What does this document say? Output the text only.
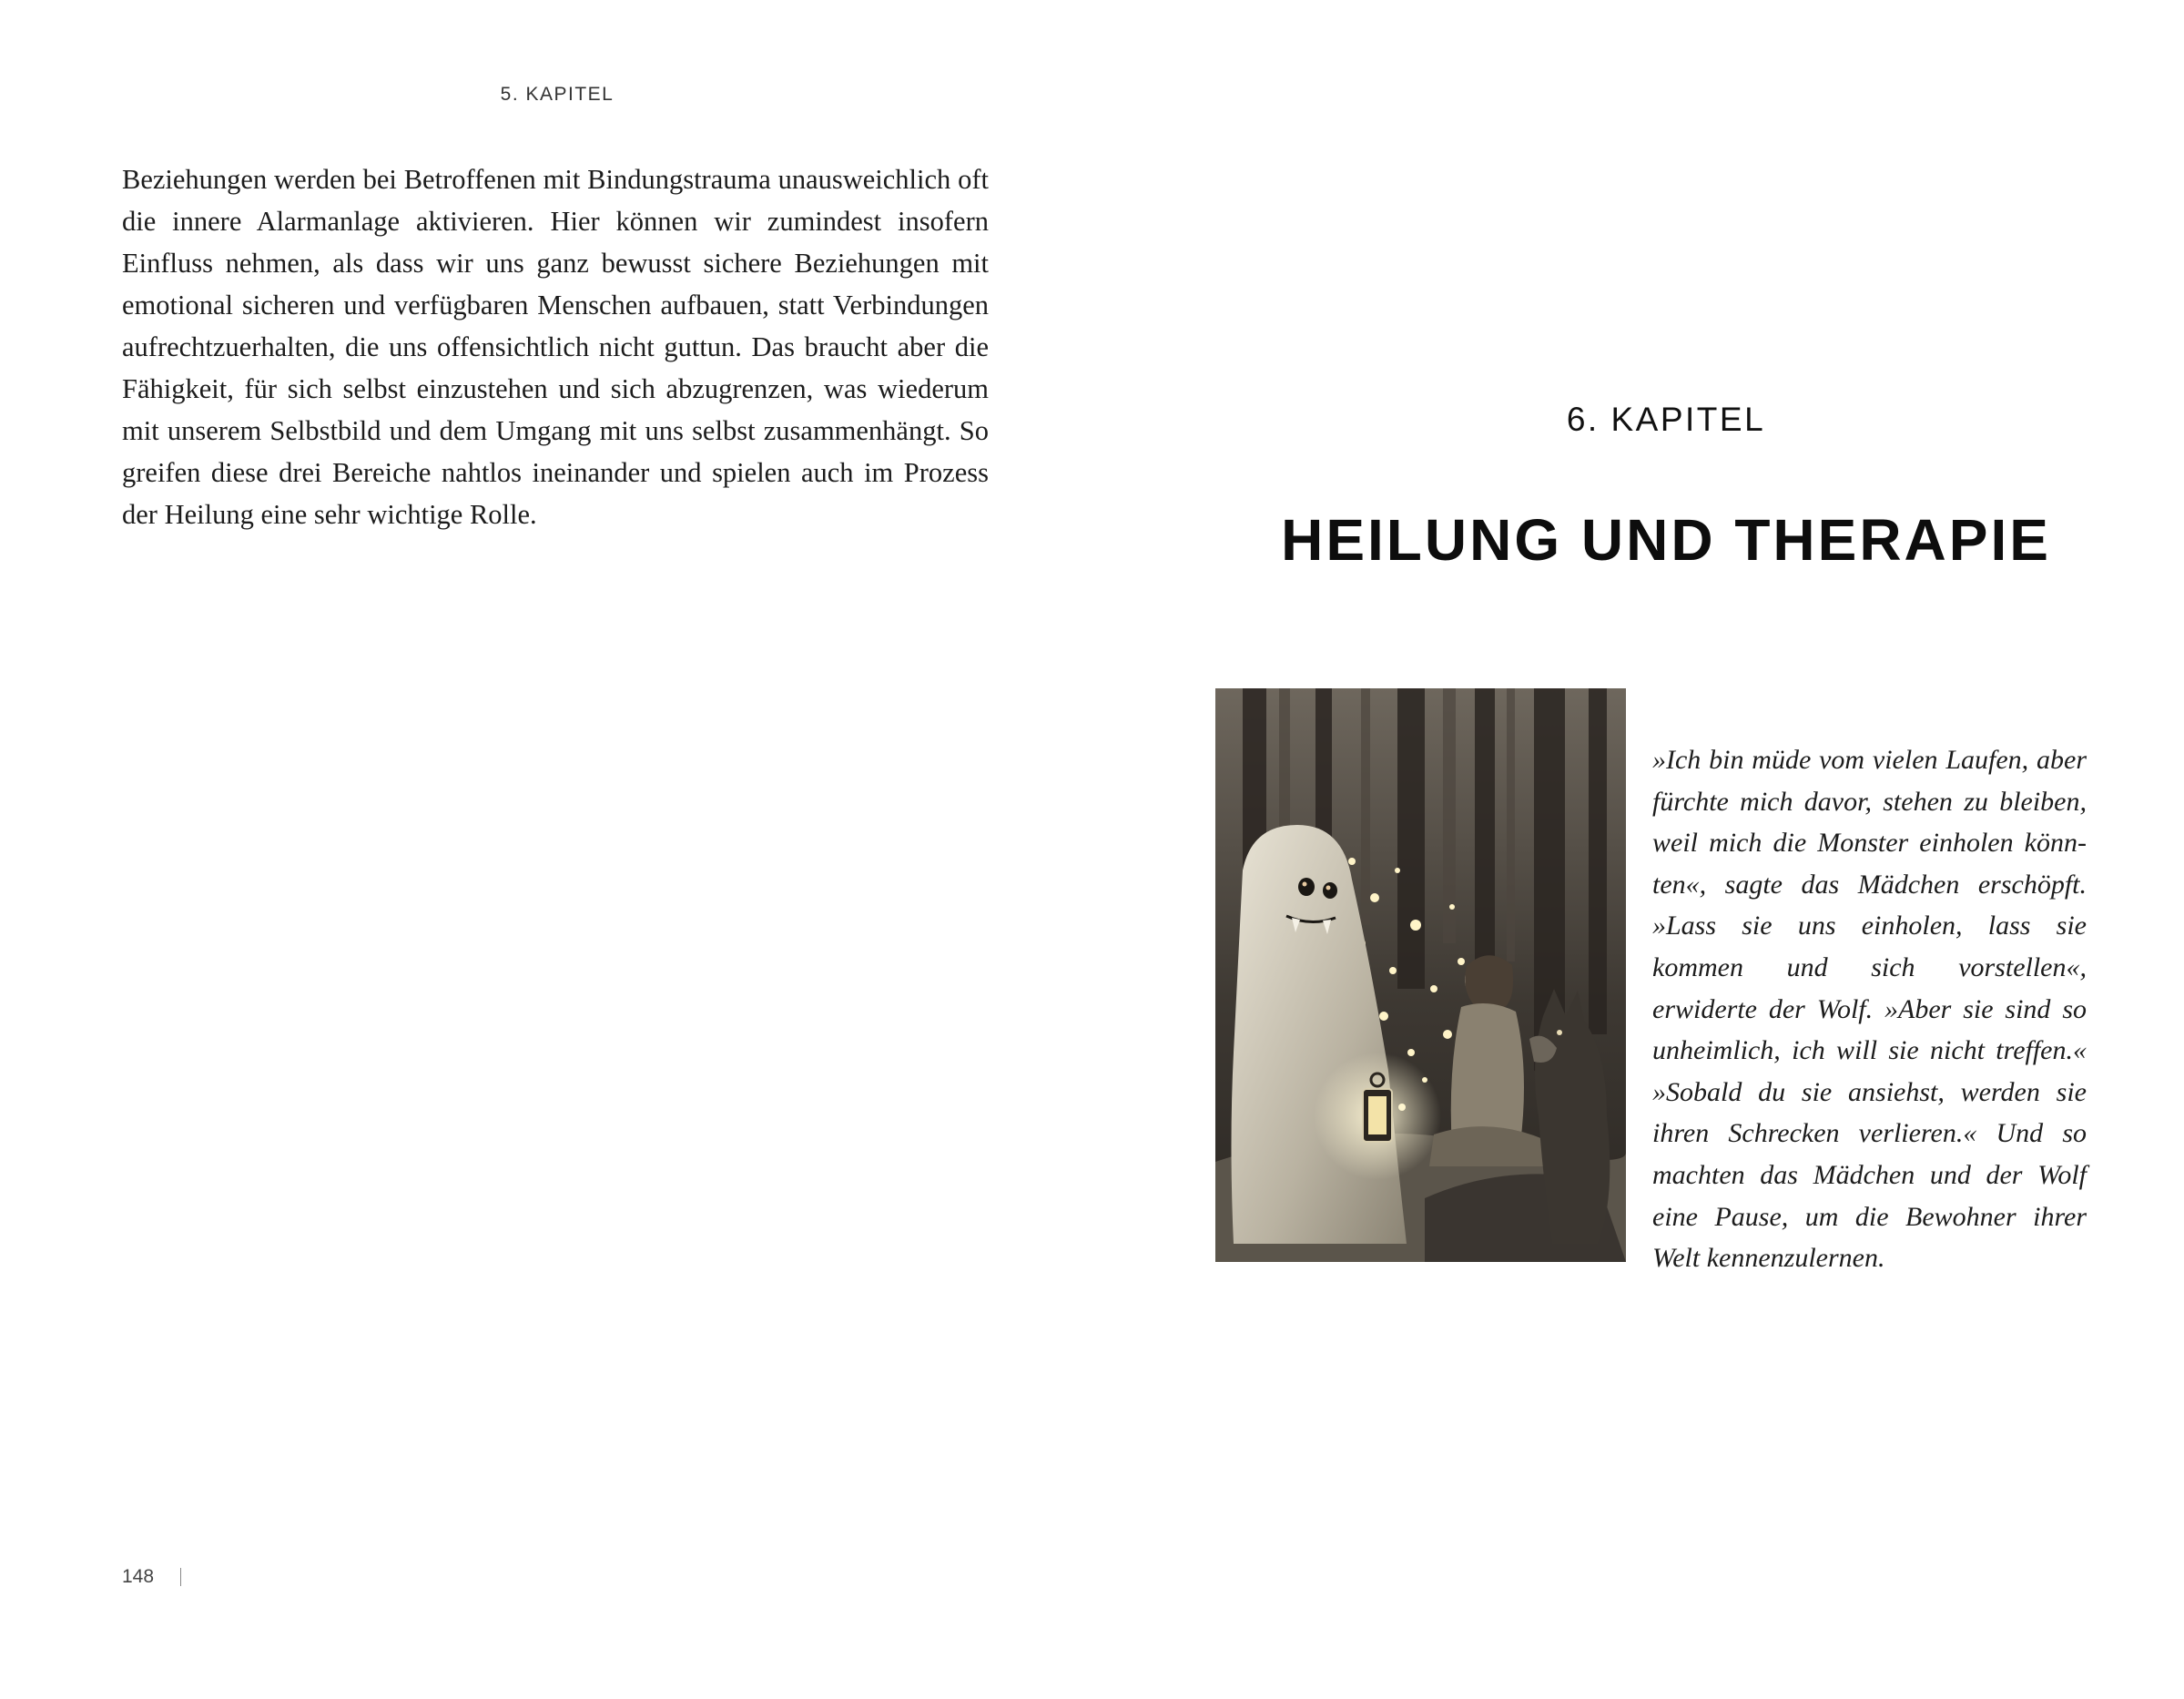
5. KAPITEL

Beziehungen werden bei Betroffenen mit Bindungstrauma unausweichlich oft die innere Alarmanlage aktivieren. Hier können wir zumindest insofern Einfluss nehmen, als dass wir uns ganz bewusst sichere Beziehungen mit emotional sicheren und verfügbaren Menschen aufbauen, statt Verbindungen aufrechtzuerhalten, die uns offensichtlich nicht guttun. Das braucht aber die Fähigkeit, für sich selbst einzustehen und sich abzugrenzen, was wiederum mit unserem Selbstbild und dem Umgang mit uns selbst zusammenhängt. So greifen diese drei Bereiche nahtlos ineinander und spielen auch im Prozess der Heilung eine sehr wichtige Rolle.

148
6. KAPITEL
HEILUNG UND THERAPIE

»Ich bin müde vom vielen Laufen, aber fürchte mich davor, stehen zu bleiben, weil mich die Monster einholen könnten«, sagte das Mädchen erschöpft. »Lass sie uns einholen, lass sie kommen und sich vorstellen«, erwiderte der Wolf. »Aber sie sind so unheimlich, ich will sie nicht treffen.« »Sobald du sie ansiehst, werden sie ihren Schrecken verlieren.« Und so machten das Mädchen und der Wolf eine Pause, um die Bewohner ihrer Welt kennenzulernen.
